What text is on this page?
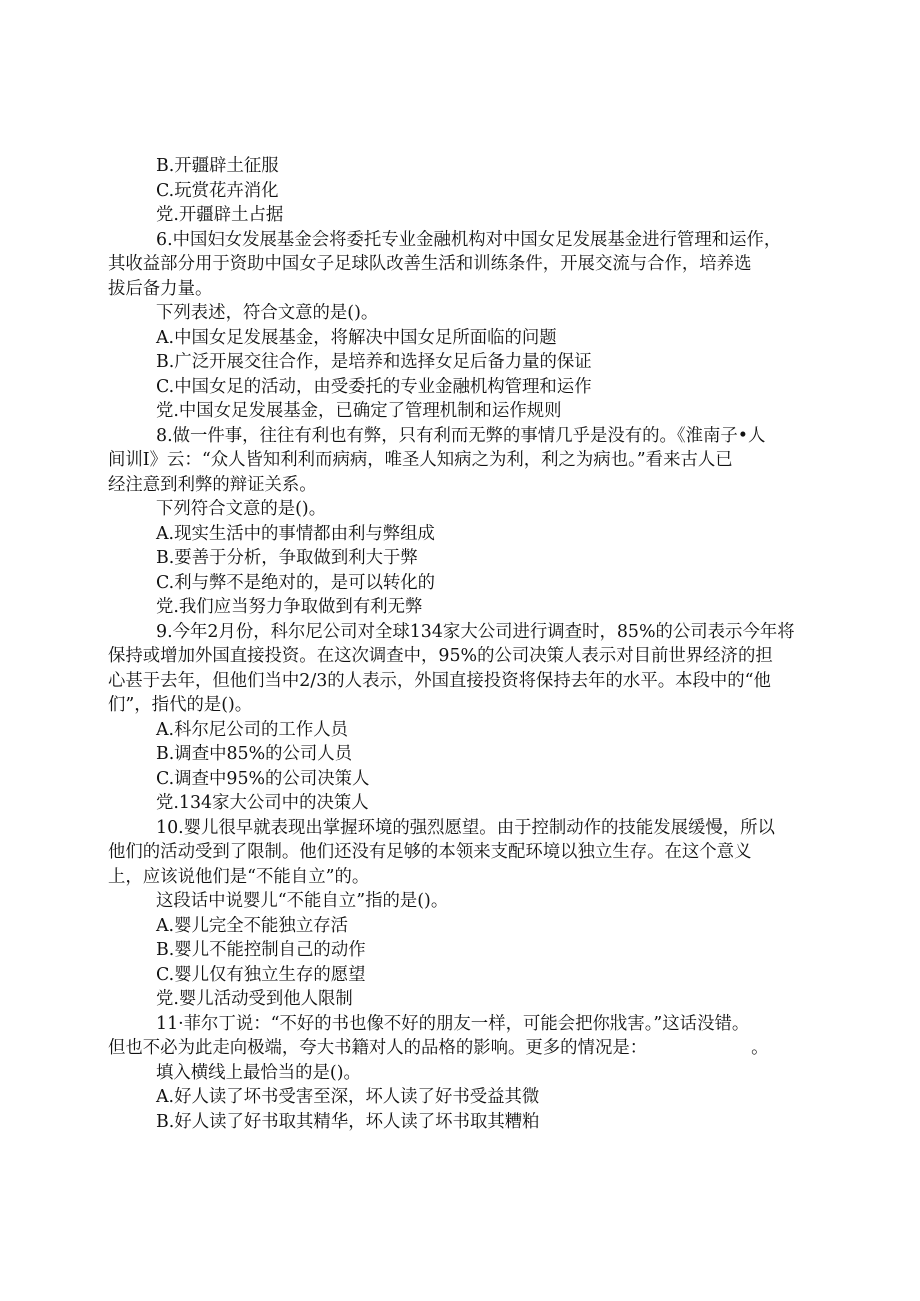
B.开疆辟土征服
C.玩赏花卉消化
党.开疆辟土占据
6.中国妇女发展基金会将委托专业金融机构对中国女足发展基金进行管理和运作，
其收益部分用于资助中国女子足球队改善生活和训练条件，开展交流与合作，培养选
拔后备力量。
下列表述，符合文意的是()。
A.中国女足发展基金，将解决中国女足所面临的问题
B.广泛开展交往合作，是培养和选择女足后备力量的保证
C.中国女足的活动，由受委托的专业金融机构管理和运作
党.中国女足发展基金，已确定了管理机制和运作规则
8.做一件事，往往有利也有弊，只有利而无弊的事情几乎是没有的。《淮南子•人
间训I》云：“众人皆知利利而病病，唯圣人知病之为利，利之为病也。”看来古人已
经注意到利弊的辩证关系。
下列符合文意的是()。
A.现实生活中的事情都由利与弊组成
B.要善于分析，争取做到利大于弊
C.利与弊不是绝对的，是可以转化的
党.我们应当努力争取做到有利无弊
9.今年2月份，科尔尼公司对全球134家大公司进行调查时，85%的公司表示今年将
保持或增加外国直接投资。在这次调查中，95%的公司决策人表示对目前世界经济的担
心甚于去年，但他们当中2/3的人表示，外国直接投资将保持去年的水平。本段中的“他
们”，指代的是()。
A.科尔尼公司的工作人员
B.调查中85%的公司人员
C.调查中95%的公司决策人
党.134家大公司中的决策人
10.婴儿很早就表现出掌握环境的强烈愿望。由于控制动作的技能发展缓慢，所以
他们的活动受到了限制。他们还没有足够的本领来支配环境以独立生存。在这个意义
上，应该说他们是“不能自立”的。
这段话中说婴儿“不能自立”指的是()。
A.婴儿完全不能独立存活
B.婴儿不能控制自己的动作
C.婴儿仅有独立生存的愿望
党.婴儿活动受到他人限制
11·菲尔丁说：“不好的书也像不好的朋友一样，可能会把你戕害。”这话没错。
但也不必为此走向极端，夸大书籍对人的品格的影响。更多的情况是：	。
填入横线上最恰当的是()。
A.好人读了坏书受害至深，坏人读了好书受益其微
B.好人读了好书取其精华，坏人读了坏书取其糟粕
